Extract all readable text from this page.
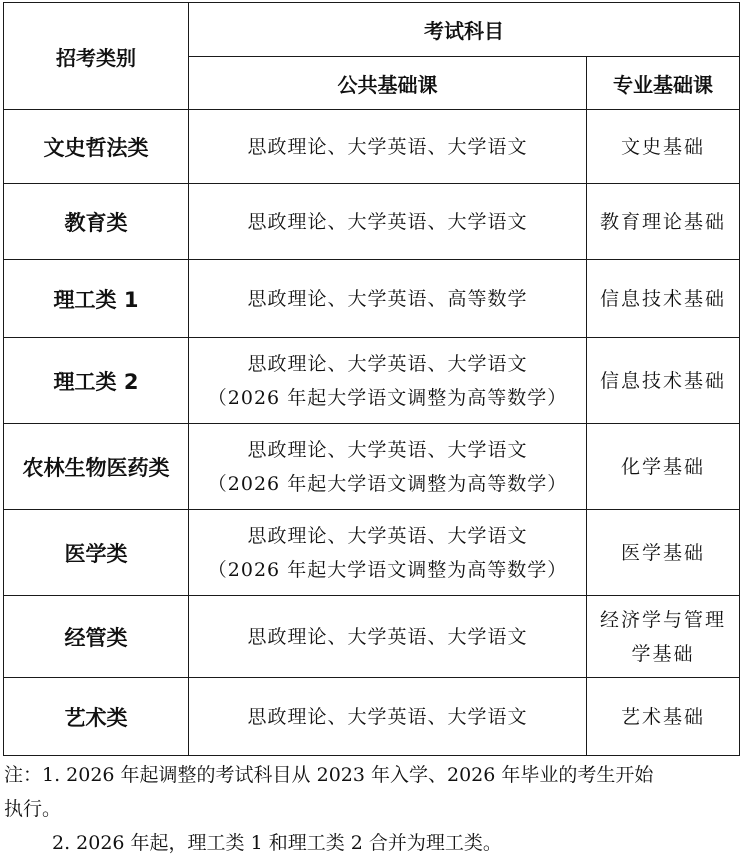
招考类别	考试科目	
	公共基础课	专业基础课
文史哲法类	思政理论、大学英语、大学语文	文史基础

教育类	思政理论、大学英语、大学语文	教育理论基础

理工类 1	思政理论、大学英语、高等数学	信息技术基础

理工类 2	思政理论、大学英语、大学语文
（2026 年起大学语文调整为高等数学）	信息技术基础

农林生物医药类	思政理论、大学英语、大学语文
（2026 年起大学语文调整为高等数学）	化学基础

医学类	思政理论、大学英语、大学语文
（2026 年起大学语文调整为高等数学）	医学基础

经管类	思政理论、大学英语、大学语文	经济学与管理
学基础

艺术类	思政理论、大学英语、大学语文	艺术基础

注：1. 2026 年起调整的考试科目从 2023 年入学、2026 年毕业的考生开始

执行。

2. 2026 年起，理工类 1 和理工类 2 合并为理工类。
